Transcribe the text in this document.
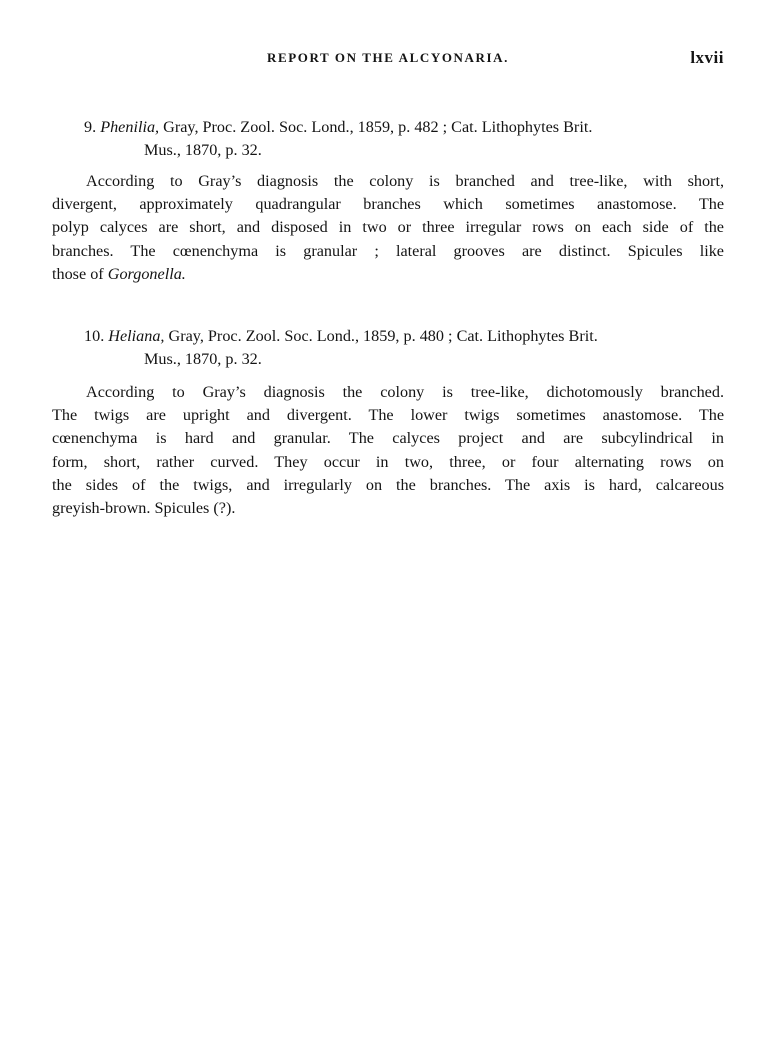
REPORT ON THE ALCYONARIA.	lxvii
9. Phenilia, Gray, Proc. Zool. Soc. Lond., 1859, p. 482 ; Cat. Lithophytes Brit.
Mus., 1870, p. 32.
According to Gray’s diagnosis the colony is branched and tree-like, with short,
divergent, approximately quadrangular branches which sometimes anastomose. The
polyp calyces are short, and disposed in two or three irregular rows on each side of the
branches. The cœnenchyma is granular ; lateral grooves are distinct. Spicules like
those of Gorgonella.
10. Heliana, Gray, Proc. Zool. Soc. Lond., 1859, p. 480 ; Cat. Lithophytes Brit.
Mus., 1870, p. 32.
According to Gray’s diagnosis the colony is tree-like, dichotomously branched.
The twigs are upright and divergent. The lower twigs sometimes anastomose. The
cœnenchyma is hard and granular. The calyces project and are subcylindrical in
form, short, rather curved. They occur in two, three, or four alternating rows on
the sides of the twigs, and irregularly on the branches. The axis is hard, calcareous
greyish-brown. Spicules (?).
